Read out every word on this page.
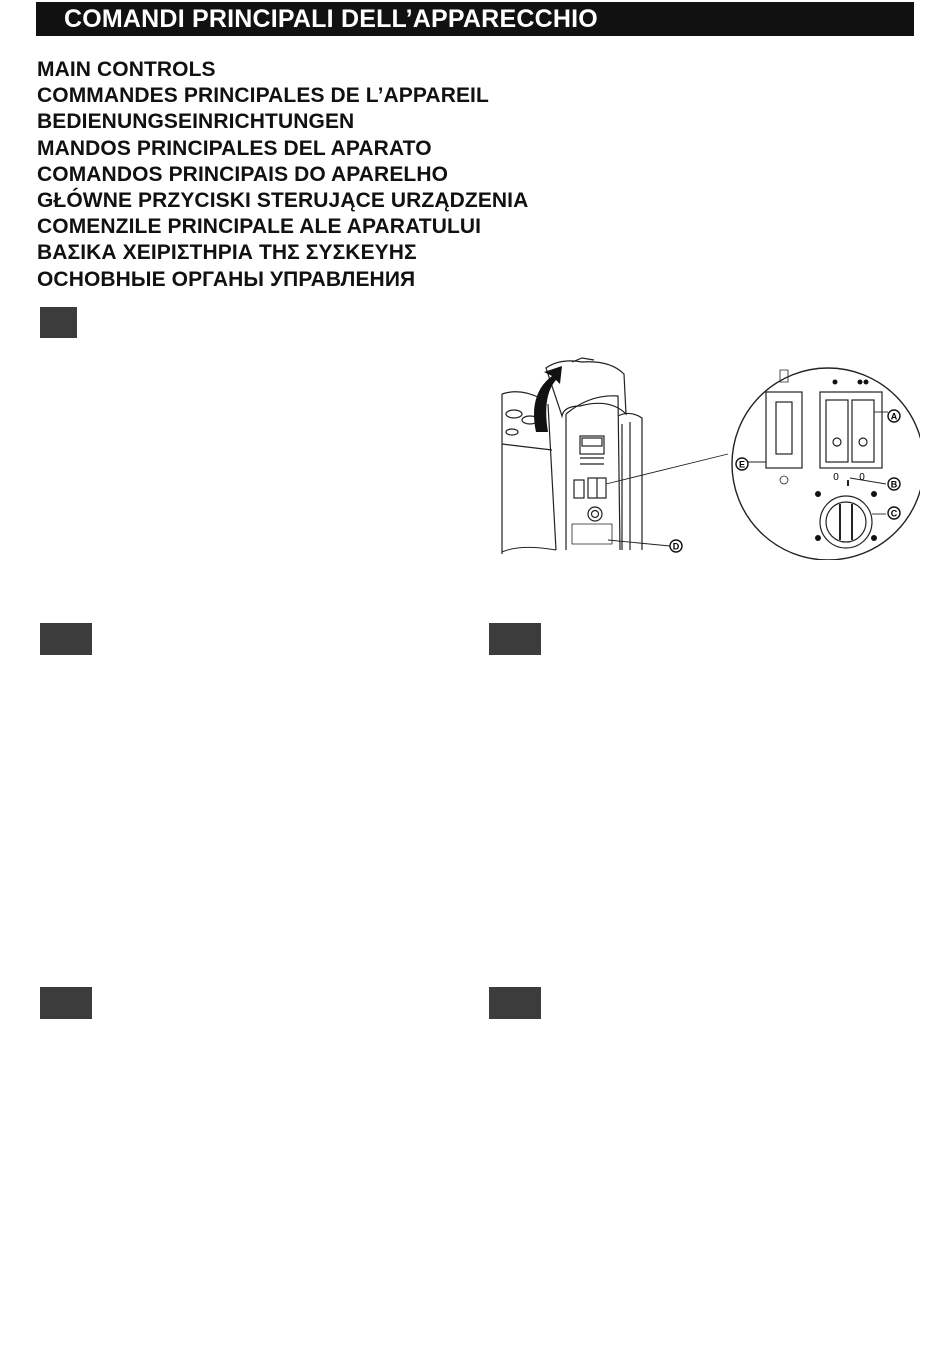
COMANDI PRINCIPALI DELL’APPARECCHIO
MAIN CONTROLS
COMMANDES PRINCIPALES DE L’APPAREIL
BEDIENUNGSEINRICHTUNGEN
MANDOS PRINCIPALES DEL APARATO
COMANDOS PRINCIPAIS DO APARELHO
GŁÓWNE PRZYCISKI STERUJĄCE URZĄDZENIA
COMENZILE PRINCIPALE ALE APARATULUI
ΒΑΣΙΚΑ ΧΕΙΡΙΣΤΗΡΙΑ ΤΗΣ ΣΥΣΚΕΥΗΣ
ОСНОВНЫЕ ОРГАНЫ УПРАВЛЕНИЯ
0 0
A
B
C
D
E
